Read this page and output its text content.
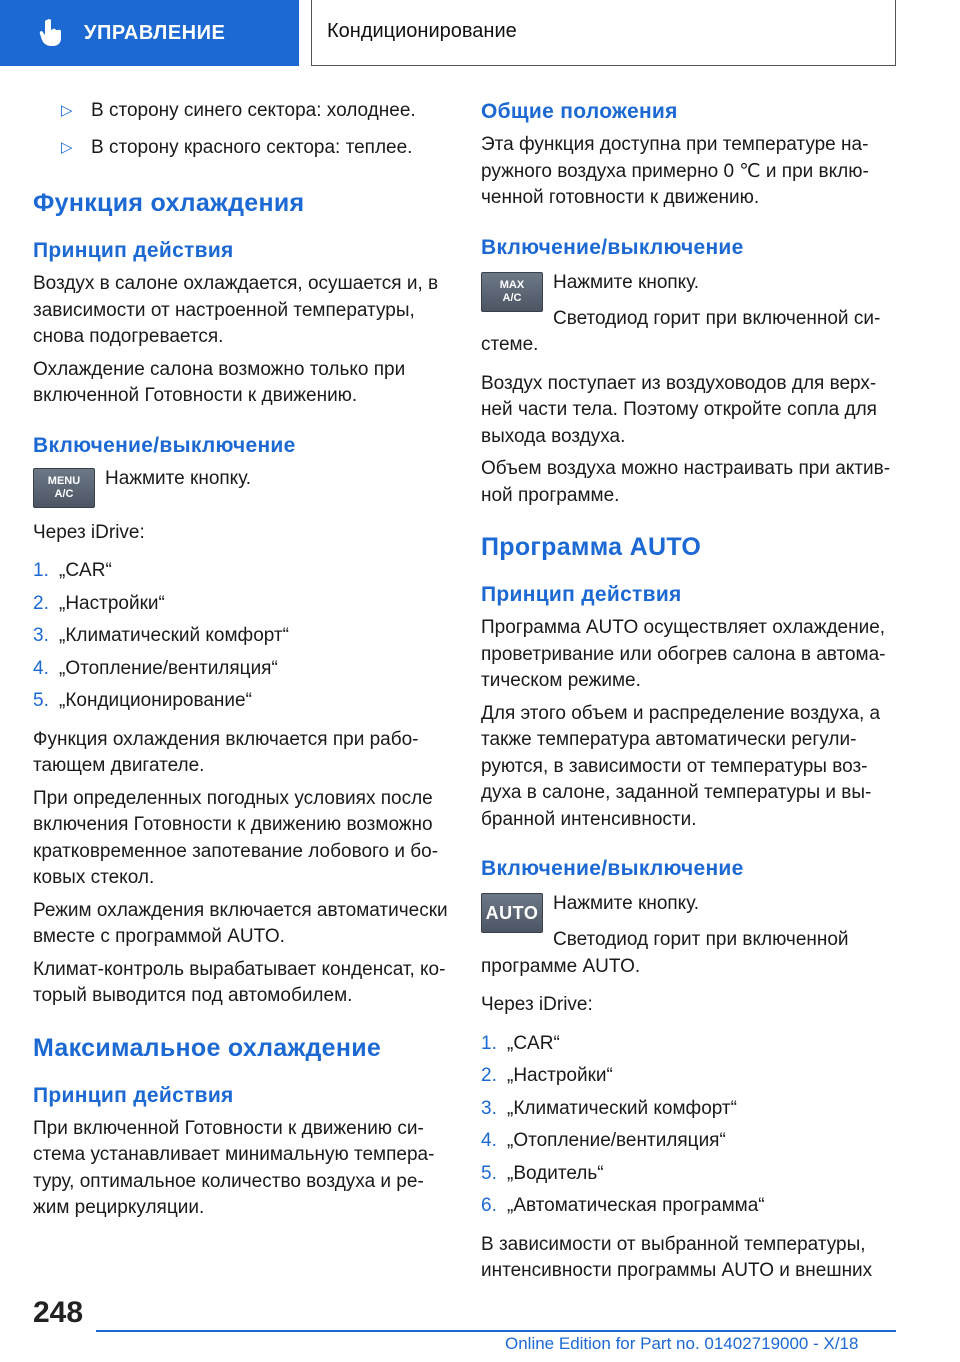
УПРАВЛЕНИЕ	Кондиционирование
▷ В сторону синего сектора: холоднее.
▷ В сторону красного сектора: теплее.
Функция охлаждения
Принцип действия
Воздух в салоне охлаждается, осушается и, в зависимости от настроенной температуры, снова подогревается.
Охлаждение салона возможно только при включенной Готовности к движению.
Включение/выключение
MENU
A/C
Нажмите кнопку.
Через iDrive:
1. „CAR“
2. „Настройки“
3. „Климатический комфорт“
4. „Отопление/вентиляция“
5. „Кондиционирование“
Функция охлаждения включается при рабо-тающем двигателе.
При определенных погодных условиях после включения Готовности к движению возможно кратковременное запотевание лобового и бо-ковых стекол.
Режим охлаждения включается автоматически вместе с программой AUTO.
Климат-контроль вырабатывает конденсат, ко-торый выводится под автомобилем.
Максимальное охлаждение
Принцип действия
При включенной Готовности к движению си-стема устанавливает минимальную темпера-туру, оптимальное количество воздуха и ре-жим рециркуляции.
Общие положения
Эта функция доступна при температуре на-ружного воздуха примерно 0 ℃ и при вклю-ченной готовности к движению.
Включение/выключение
MAX
A/C
Нажмите кнопку.
Светодиод горит при включенной си-стеме.
Воздух поступает из воздуховодов для верх-ней части тела. Поэтому откройте сопла для выхода воздуха.
Объем воздуха можно настраивать при актив-ной программе.
Программа AUTO
Принцип действия
Программа AUTO осуществляет охлаждение, проветривание или обогрев салона в автома-тическом режиме.
Для этого объем и распределение воздуха, а также температура автоматически регули-руются, в зависимости от температуры воз-духа в салоне, заданной температуры и вы-бранной интенсивности.
Включение/выключение
AUTO Нажмите кнопку.
Светодиод горит при включенной программе AUTO.
Через iDrive:
1. „CAR“
2. „Настройки“
3. „Климатический комфорт“
4. „Отопление/вентиляция“
5. „Водитель“
6. „Автоматическая программа“
В зависимости от выбранной температуры, интенсивности программы AUTO и внешних
248
Online Edition for Part no. 01402719000 - X/18
